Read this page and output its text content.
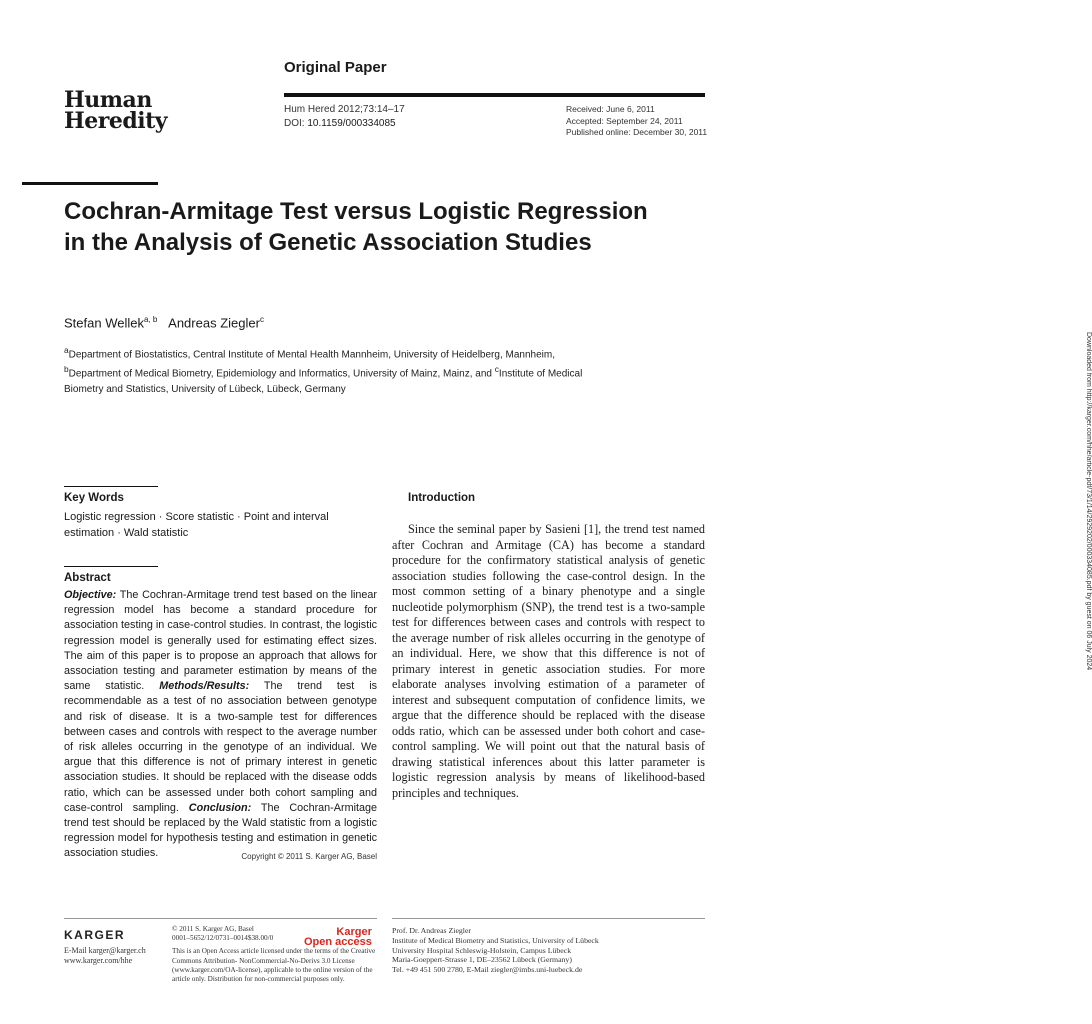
Human
Heredity
Original Paper
Hum Hered 2012;73:14–17
DOI: 10.1159/000334085
Received: June 6, 2011
Accepted: September 24, 2011
Published online: December 30, 2011
Cochran-Armitage Test versus Logistic Regression in the Analysis of Genetic Association Studies
Stefan Wellek$^{a, b}$ Andreas Ziegler$^c$
$^a$Department of Biostatistics, Central Institute of Mental Health Mannheim, University of Heidelberg, Mannheim,
$^b$Department of Medical Biometry, Epidemiology and Informatics, University of Mainz, Mainz, and $^c$Institute of Medical Biometry and Statistics, University of Lübeck, Lübeck, Germany	Downloaded from http://karger.com/hhe/article-pdf/73/1/14/2929202/000334085.pdf by guest on 06 July 2024
Key Words
Logistic regression · Score statistic · Point and interval estimation · Wald statistic
Abstract
Objective: The Cochran-Armitage trend test based on the linear regression model has become a standard procedure for association testing in case-control studies. In contrast, the logistic regression model is generally used for estimating effect sizes. The aim of this paper is to propose an approach that allows for association testing and parameter estimation by means of the same statistic. Methods/Results: The trend test is recommendable as a test of no association between genotype and risk of disease. It is a two-sample test for differences between cases and controls with respect to the average number of risk alleles occurring in the genotype of an individual. We argue that this difference is not of primary interest in genetic association studies. It should be replaced with the disease odds ratio, which can be assessed under both cohort sampling and case-control sampling. Conclusion: The Cochran-Armitage trend test should be replaced by the Wald statistic from a logistic regression model for hypothesis testing and estimation in genetic association studies.	Copyright © 2011 S. Karger AG, Basel
Introduction
Since the seminal paper by Sasieni [1], the trend test named after Cochran and Armitage (CA) has become a standard procedure for the confirmatory statistical analysis of genetic association studies following the case-control design. In the most common setting of a binary phenotype and a single nucleotide polymorphism (SNP), the trend test is a two-sample test for differences between cases and controls with respect to the average number of risk alleles occurring in the genotype of an individual. Here, we show that this difference is not of primary interest in genetic association studies. For more elaborate analyses involving estimation of a parameter of interest and subsequent computation of confidence limits, we argue that the difference should be replaced with the disease odds ratio, which can be assessed under both cohort and case-control sampling. We will point out that the natural basis of drawing statistical inferences about this latter parameter is logistic regression analysis by means of likelihood-based principles and techniques.
KARGER
E-Mail karger@karger.ch
www.karger.com/hhe
© 2011 S. Karger AG, Basel
0001–5652/12/0731–0014$38.00/0
This is an Open Access article licensed under the terms of the Creative Commons Attribution- NonCommercial-No-Derivs 3.0 License (www.karger.com/OA-license), applicable to the online version of the article only. Distribution for non-commercial purposes only.
Karger
Open access
Prof. Dr. Andreas Ziegler
Institute of Medical Biometry and Statistics, University of Lübeck
University Hospital Schleswig-Holstein, Campus Lübeck
Maria-Goeppert-Strasse 1, DE–23562 Lübeck (Germany)
Tel. +49 451 500 2780, E-Mail ziegler@imbs.uni-luebeck.de
